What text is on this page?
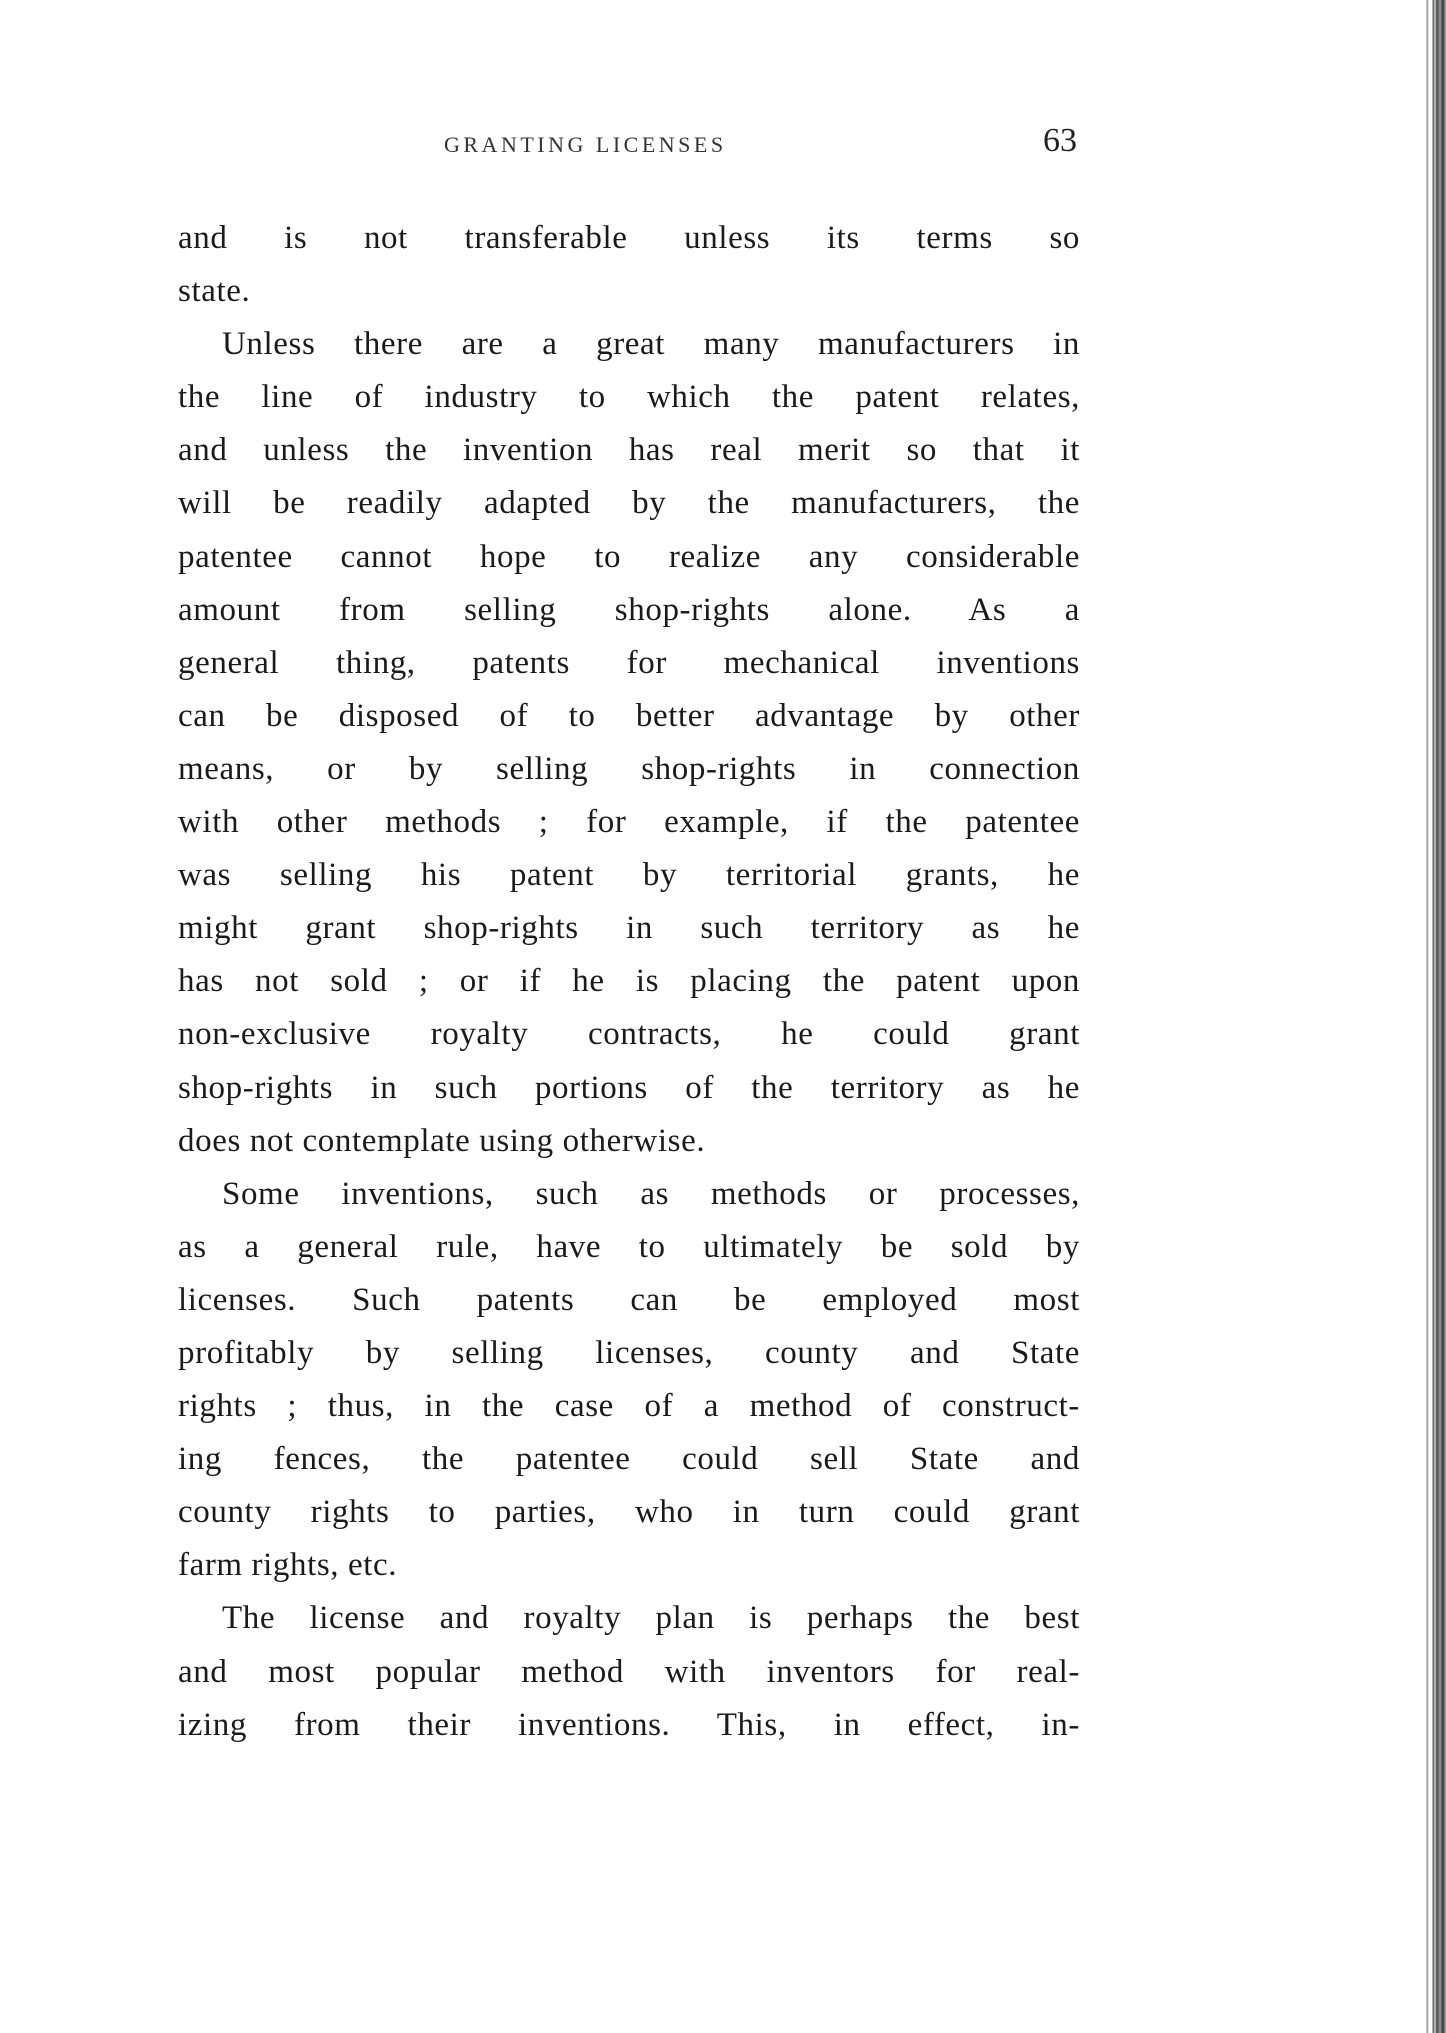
GRANTING LICENSES	63
and is not transferable unless its terms so
state.
Unless there are a great many manufacturers in
the line of industry to which the patent relates,
and unless the invention has real merit so that it
will be readily adapted by the manufacturers, the
patentee cannot hope to realize any considerable
amount from selling shop-rights alone. As a
general thing, patents for mechanical inventions
can be disposed of to better advantage by other
means, or by selling shop-rights in connection
with other methods ; for example, if the patentee
was selling his patent by territorial grants, he
might grant shop-rights in such territory as he
has not sold ; or if he is placing the patent upon
non-exclusive royalty contracts, he could grant
shop-rights in such portions of the territory as he
does not contemplate using otherwise.
Some inventions, such as methods or processes,
as a general rule, have to ultimately be sold by
licenses. Such patents can be employed most
profitably by selling licenses, county and State
rights ; thus, in the case of a method of construct-
ing fences, the patentee could sell State and
county rights to parties, who in turn could grant
farm rights, etc.
The license and royalty plan is perhaps the best
and most popular method with inventors for real-
izing from their inventions. This, in effect, in-
